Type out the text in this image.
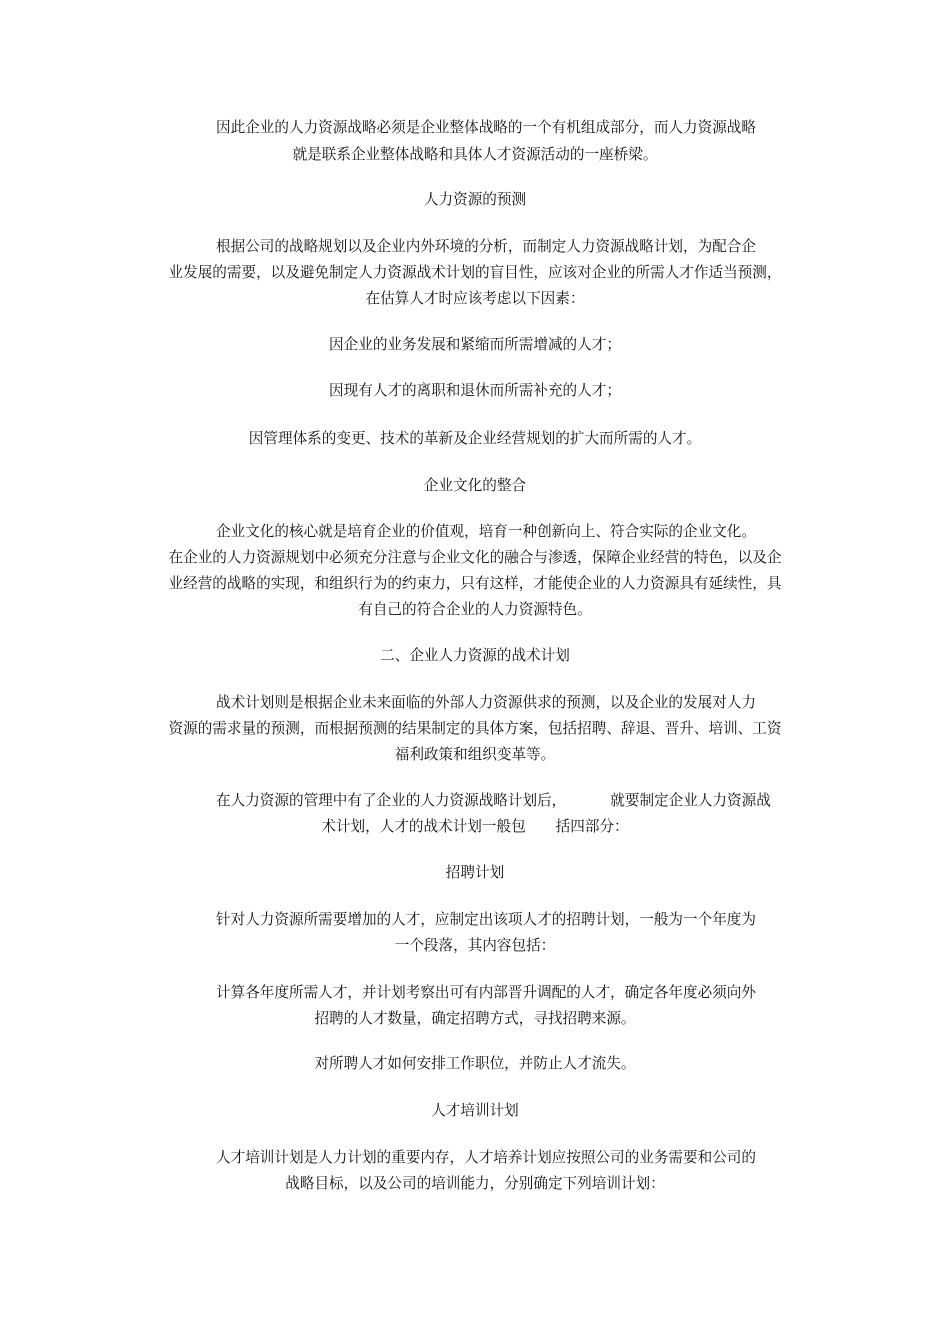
因此企业的人力资源战略必须是企业整体战略的一个有机组成部分，而人力资源战略
就是联系企业整体战略和具体人才资源活动的一座桥梁。
人力资源的预测
根据公司的战略规划以及企业内外环境的分析，而制定人力资源战略计划，为配合企
业发展的需要，以及避免制定人力资源战术计划的盲目性，应该对企业的所需人才作适当预测，
在估算人才时应该考虑以下因素：
因企业的业务发展和紧缩而所需增减的人才；
因现有人才的离职和退休而所需补充的人才；
因管理体系的变更、技术的革新及企业经营规划的扩大而所需的人才。
企业文化的整合
企业文化的核心就是培育企业的价值观，培育一种创新向上、符合实际的企业文化。
在企业的人力资源规划中必须充分注意与企业文化的融合与渗透，保障企业经营的特色，以及企
业经营的战略的实现，和组织行为的约束力，只有这样，才能使企业的人力资源具有延续性，具
有自己的符合企业的人力资源特色。
二、企业人力资源的战术计划
战术计划则是根据企业未来面临的外部人力资源供求的预测，以及企业的发展对人力
资源的需求量的预测，而根据预测的结果制定的具体方案，包括招聘、辞退、晋升、培训、工资
福利政策和组织变革等。
在人力资源的管理中有了企业的人力资源战略计划后，	就要制定企业人力资源战
术计划，人才的战术计划一般包 括四部分：
招聘计划
针对人力资源所需要增加的人才，应制定出该项人才的招聘计划，一般为一个年度为
一个段落，其内容包括：
计算各年度所需人才，并计划考察出可有内部晋升调配的人才，确定各年度必须向外
招聘的人才数量，确定招聘方式，寻找招聘来源。
对所聘人才如何安排工作职位，并防止人才流失。
人才培训计划
人才培训计划是人力计划的重要内存，人才培养计划应按照公司的业务需要和公司的
战略目标，以及公司的培训能力，分别确定下列培训计划：
